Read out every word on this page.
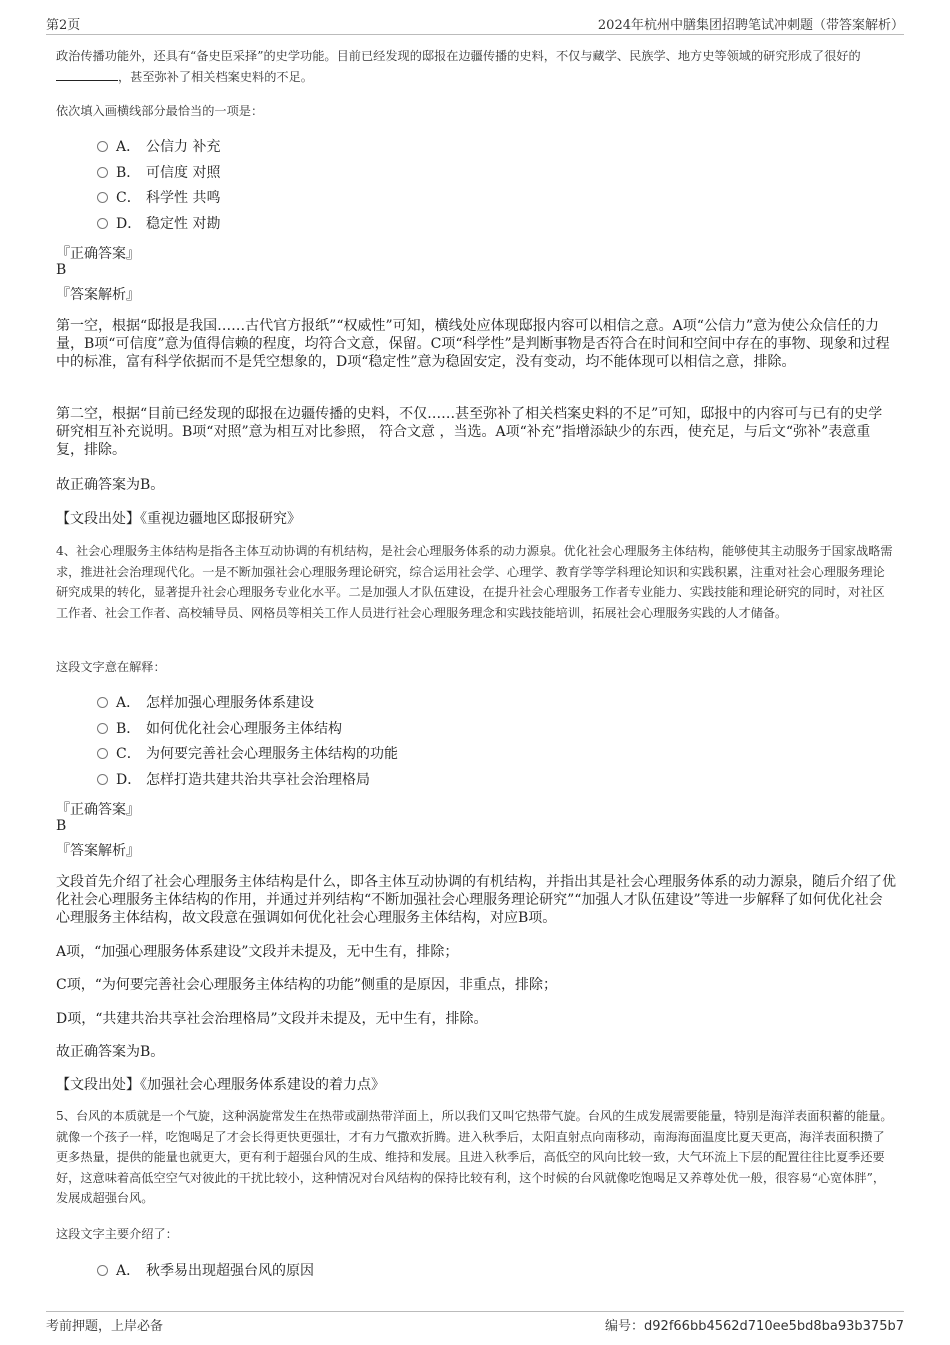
第2页	2024年杭州中膳集团招聘笔试冲刺题（带答案解析）
政治传播功能外，还具有“备史臣采择”的史学功能。目前已经发现的邸报在边疆传播的史料，不仅与藏学、民族学、地方史等领域的研究形成了很好的 ，甚至弥补了相关档案史料的不足。
依次填入画横线部分最恰当的一项是：
A． 公信力 补充
B． 可信度 对照
C． 科学性 共鸣
D． 稳定性 对勘
『正确答案』
B
『答案解析』

第一空，根据“邸报是我国……古代官方报纸”“权威性”可知，横线处应体现邸报内容可以相信之意。A项“公信力”意为使公众信任的力量，B项“可信度”意为值得信赖的程度，均符合文意，保留。C项“科学性”是判断事物是否符合在时间和空间中存在的事物、现象和过程中的标准，富有科学依据而不是凭空想象的，D项“稳定性”意为稳固安定，没有变动，均不能体现可以相信之意，排除。

第二空，根据“目前已经发现的邸报在边疆传播的史料，不仅……甚至弥补了相关档案史料的不足”可知，邸报中的内容可与已有的史学研究相互补充说明。B项“对照”意为相互对比参照， 符合文意 ，当选。A项“补充”指增添缺少的东西，使充足，与后文“弥补”表意重复，排除。

故正确答案为B。

【文段出处】《重视边疆地区邸报研究》

4、社会心理服务主体结构是指各主体互动协调的有机结构，是社会心理服务体系的动力源泉。优化社会心理服务主体结构，能够使其主动服务于国家战略需求，推进社会治理现代化。一是不断加强社会心理服务理论研究，综合运用社会学、心理学、教育学等学科理论知识和实践积累，注重对社会心理服务理论研究成果的转化，显著提升社会心理服务专业化水平。二是加强人才队伍建设，在提升社会心理服务工作者专业能力、实践技能和理论研究的同时，对社区工作者、社会工作者、高校辅导员、网格员等相关工作人员进行社会心理服务理念和实践技能培训，拓展社会心理服务实践的人才储备。
这段文字意在解释：
A． 怎样加强心理服务体系建设
B． 如何优化社会心理服务主体结构
C． 为何要完善社会心理服务主体结构的功能
D． 怎样打造共建共治共享社会治理格局
『正确答案』
B
『答案解析』

文段首先介绍了社会心理服务主体结构是什么，即各主体互动协调的有机结构，并指出其是社会心理服务体系的动力源泉，随后介绍了优化社会心理服务主体结构的作用，并通过并列结构“不断加强社会心理服务理论研究”“加强人才队伍建设”等进一步解释了如何优化社会心理服务主体结构，故文段意在强调如何优化社会心理服务主体结构，对应B项。

A项，“加强心理服务体系建设”文段并未提及，无中生有，排除；

C项，“为何要完善社会心理服务主体结构的功能”侧重的是原因，非重点，排除；

D项，“共建共治共享社会治理格局”文段并未提及，无中生有，排除。

故正确答案为B。

【文段出处】《加强社会心理服务体系建设的着力点》

5、台风的本质就是一个气旋，这种涡旋常发生在热带或副热带洋面上，所以我们又叫它热带气旋。台风的生成发展需要能量，特别是海洋表面积蓄的能量。就像一个孩子一样，吃饱喝足了才会长得更快更强壮，才有力气撒欢折腾。进入秋季后，太阳直射点向南移动，南海海面温度比夏天更高，海洋表面积攒了更多热量，提供的能量也就更大，更有利于超强台风的生成、维持和发展。且进入秋季后，高低空的风向比较一致，大气环流上下层的配置往往比夏季还要好，这意味着高低空空气对彼此的干扰比较小，这种情况对台风结构的保持比较有利，这个时候的台风就像吃饱喝足又养尊处优一般，很容易“心宽体胖”，发展成超强台风。
这段文字主要介绍了：
A． 秋季易出现超强台风的原因
考前押题，上岸必备	编号：d92f66bb4562d710ee5bd8ba93b375b7
